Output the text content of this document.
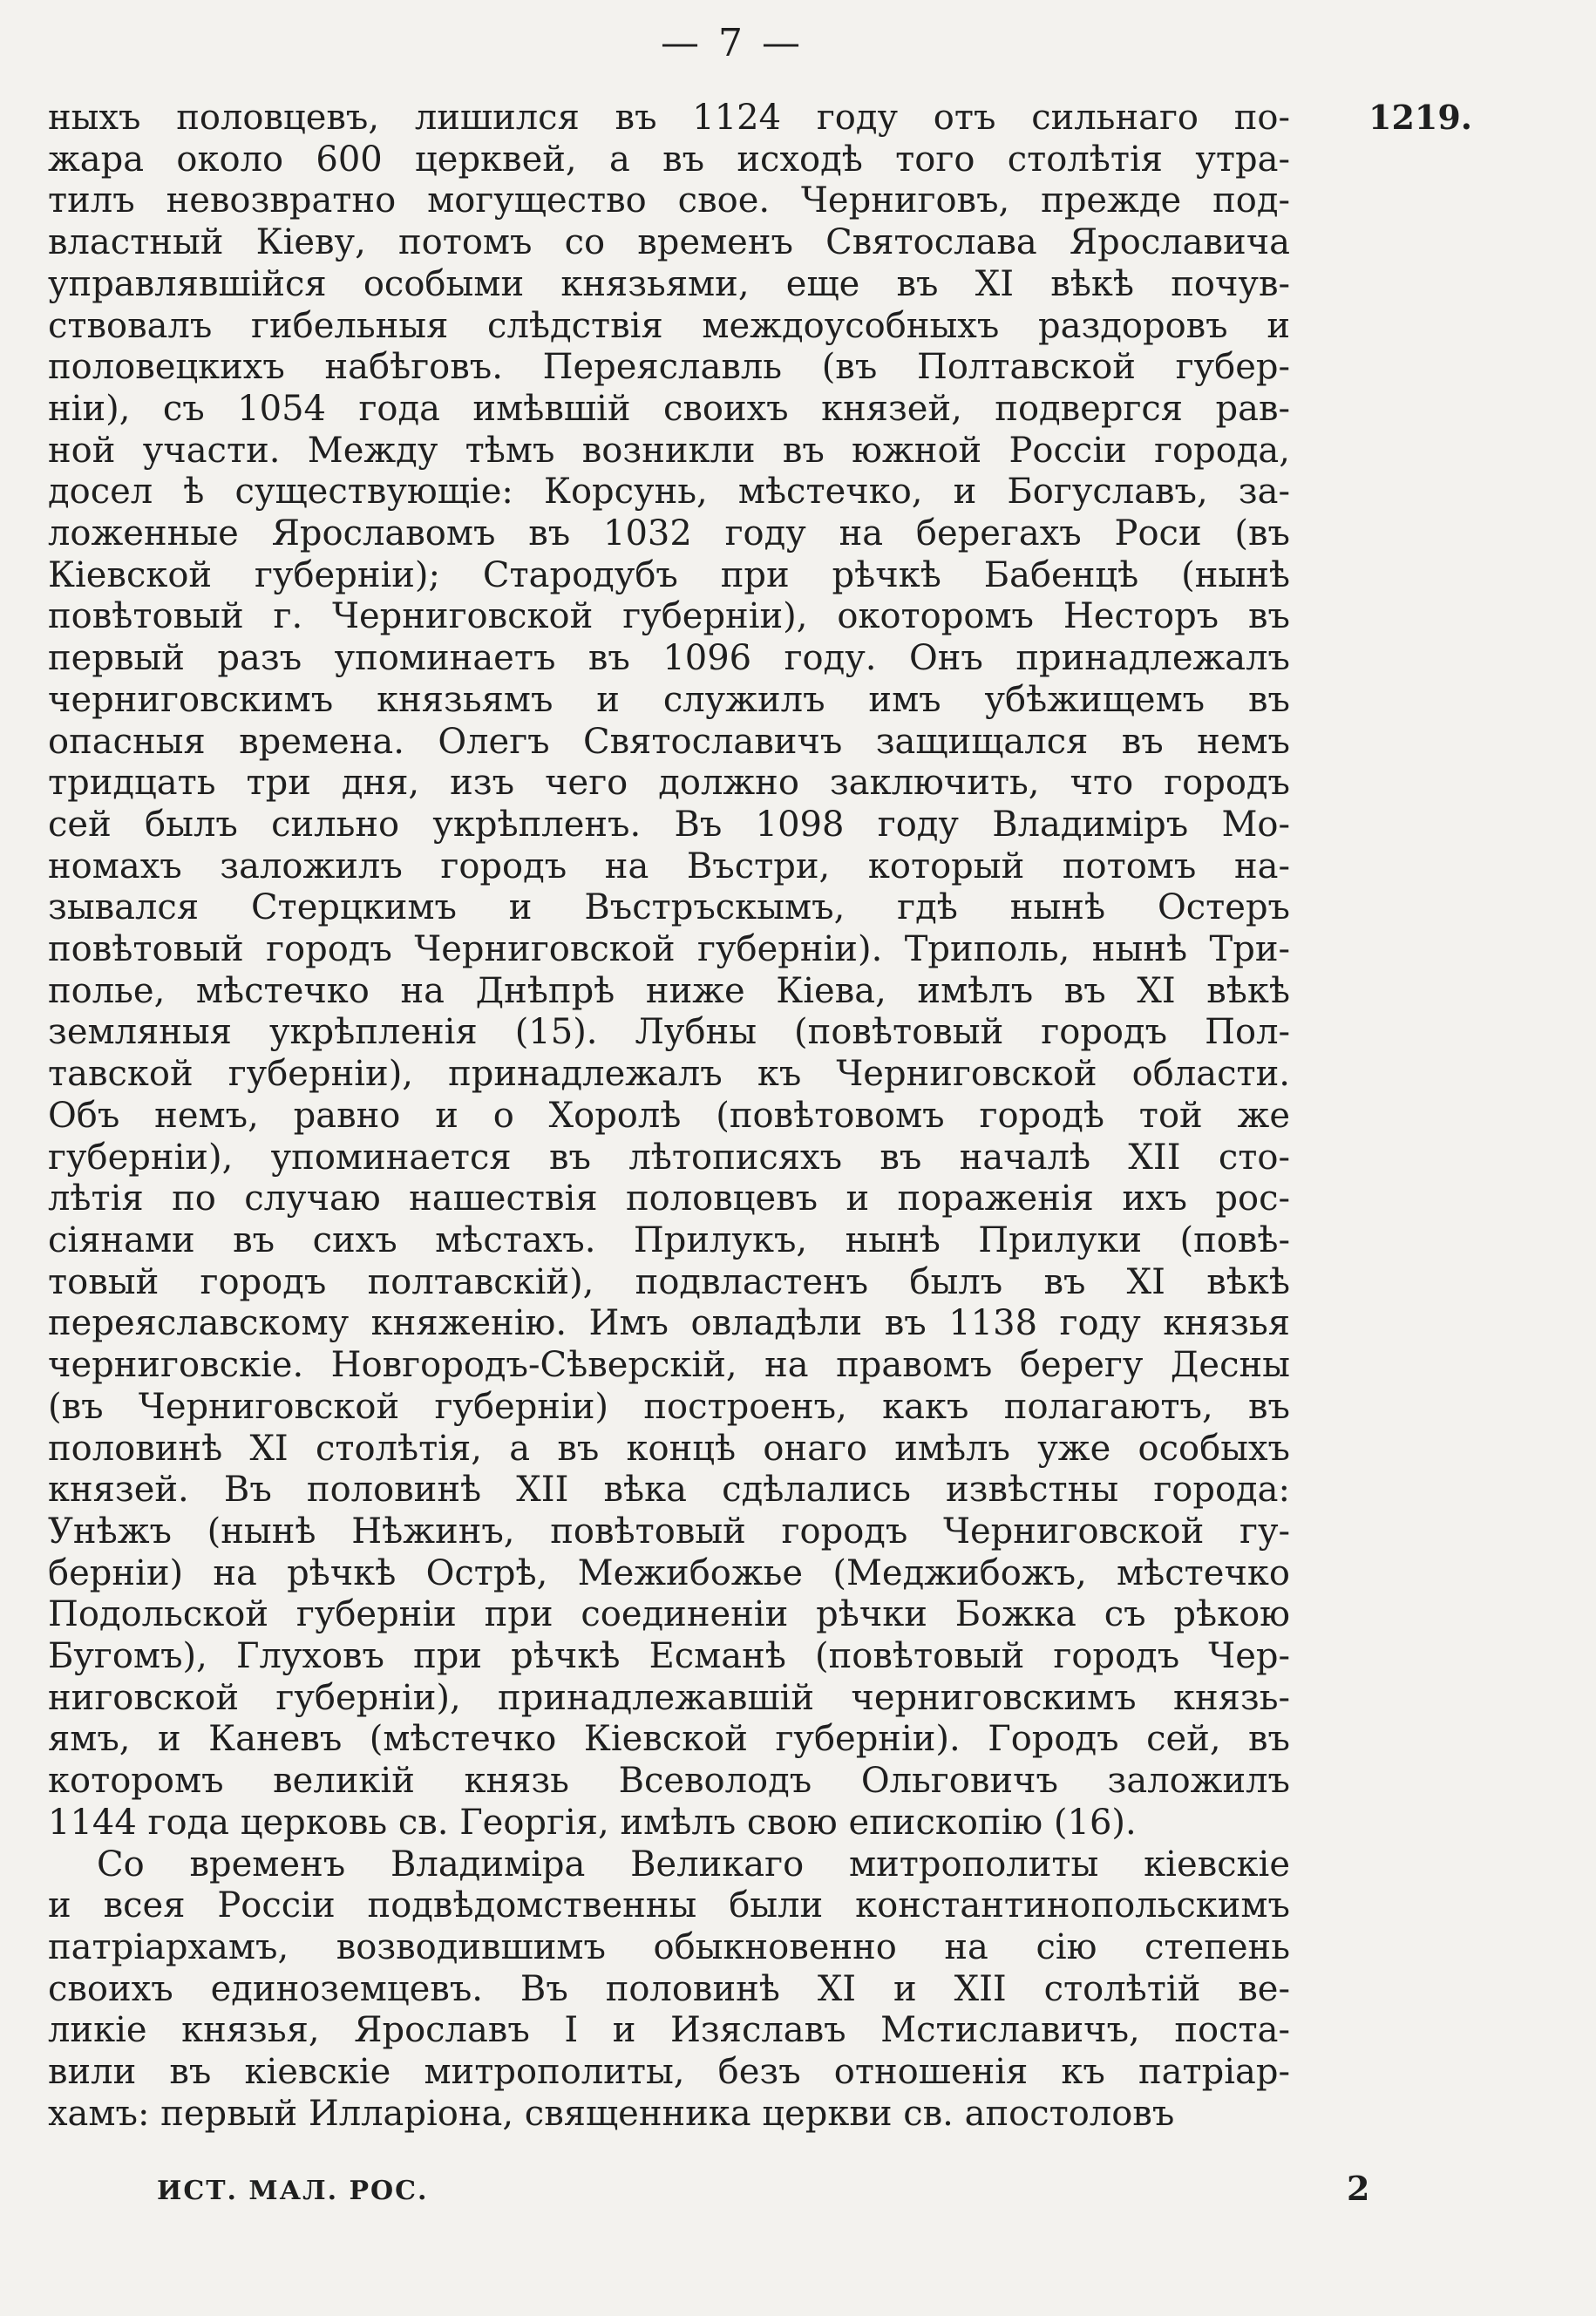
— 7 —
1219.

ныхъ половцевъ, лишился въ 1124 году отъ сильнаго по-

жара около 600 церквей, а въ исходѣ того столѣтія утра-

тилъ невозвратно могущество свое. Черниговъ, прежде под-

властный Кіеву, потомъ со временъ Святослава Ярославича

управлявшійся особыми князьями, еще въ XI вѣкѣ почув-

ствовалъ гибельныя слѣдствія междоусобныхъ раздоровъ и

половецкихъ набѣговъ. Переяславль (въ Полтавской губер-

ніи), съ 1054 года имѣвшій своихъ князей, подвергся рав-

ной участи. Между тѣмъ возникли въ южной Россіи города,

досел ѣ существующіе: Корсунь, мѣстечко, и Богуславъ, за-

ложенные Ярославомъ въ 1032 году на берегахъ Роси (въ

Кіевской губерніи); Стародубъ при рѣчкѣ Бабенцѣ (нынѣ

повѣтовый г. Черниговской губерніи), окоторомъ Несторъ въ

первый разъ упоминаетъ въ 1096 году. Онъ принадлежалъ

черниговскимъ князьямъ и служилъ имъ убѣжищемъ въ

опасныя времена. Олегъ Святославичъ защищался въ немъ

тридцать три дня, изъ чего должно заключить, что городъ

сей былъ сильно укрѣпленъ. Въ 1098 году Владиміръ Мо-

номахъ заложилъ городъ на Въстри, который потомъ на-

зывался Стерцкимъ и Въстръскымъ, гдѣ нынѣ Остеръ

повѣтовый городъ Черниговской губерніи). Триполь, нынѣ Три-

полье, мѣстечко на Днѣпрѣ ниже Кіева, имѣлъ въ XI вѣкѣ

земляныя укрѣпленія (15). Лубны (повѣтовый городъ Пол-

тавской губерніи), принадлежалъ къ Черниговской области.

Объ немъ, равно и о Хоролѣ (повѣтовомъ городѣ той же

губерніи), упоминается въ лѣтописяхъ въ началѣ XII сто-

лѣтія по случаю нашествія половцевъ и пораженія ихъ рос-

сіянами въ сихъ мѣстахъ. Прилукъ, нынѣ Прилуки (повѣ-

товый городъ полтавскій), подвластенъ былъ въ XI вѣкѣ

переяславскому княженію. Имъ овладѣли въ 1138 году князья

черниговскіе. Новгородъ-Сѣверскій, на правомъ берегу Десны

(въ Черниговской губерніи) построенъ, какъ полагаютъ, въ

половинѣ XI столѣтія, а въ концѣ онаго имѣлъ уже особыхъ

князей. Въ половинѣ XII вѣка сдѣлались извѣстны города:

Унѣжъ (нынѣ Нѣжинъ, повѣтовый городъ Черниговской гу-

берніи) на рѣчкѣ Острѣ, Межибожье (Меджибожъ, мѣстечко

Подольской губерніи при соединеніи рѣчки Божка съ рѣкою

Бугомъ), Глуховъ при рѣчкѣ Есманѣ (повѣтовый городъ Чер-

ниговской губерніи), принадлежавшій черниговскимъ князь-

ямъ, и Каневъ (мѣстечко Кіевской губерніи). Городъ сей, въ

которомъ великій князь Всеволодъ Ольговичъ заложилъ

1144 года церковь св. Георгія, имѣлъ свою епископію (16).

Со временъ Владиміра Великаго митрополиты кіевскіе

и всея Россіи подвѣдомственны были константинопольскимъ

патріархамъ, возводившимъ обыкновенно на сію степень

своихъ единоземцевъ. Въ половинѣ XI и XII столѣтій ве-

ликіе князья, Ярославъ I и Изяславъ Мстиславичъ, поста-

вили въ кіевскіе митрополиты, безъ отношенія къ патріар-

хамъ: первый Илларіона, священника церкви св. апостоловъ

ИСТ. МАЛ. РОС.	2
